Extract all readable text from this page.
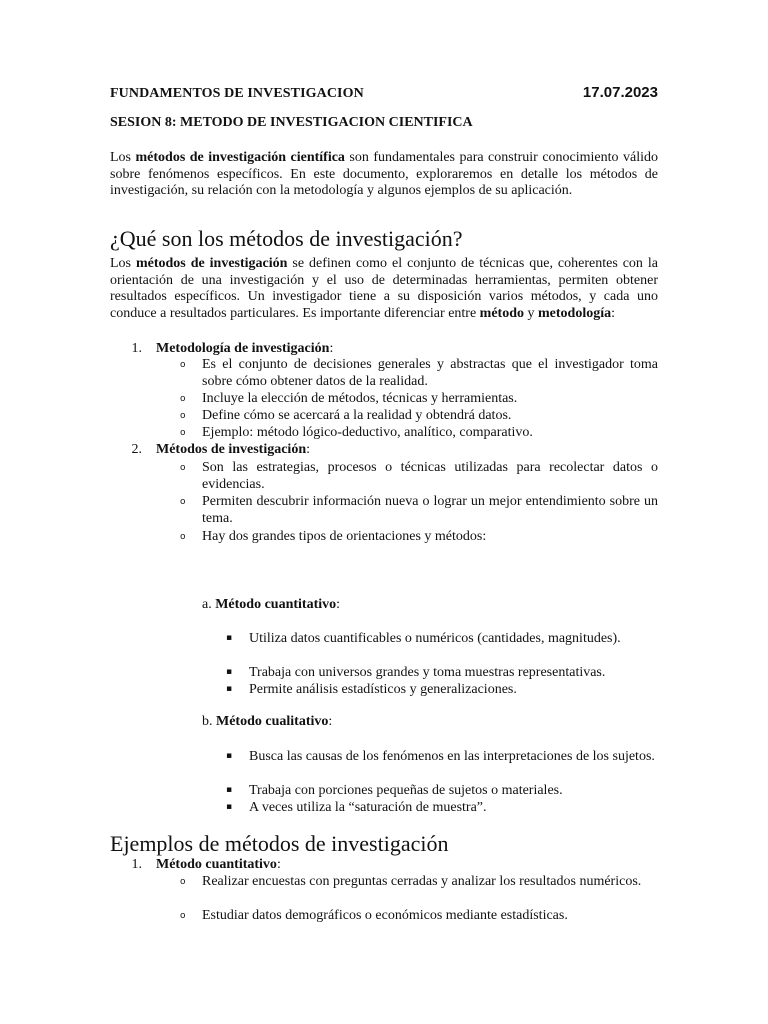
FUNDAMENTOS DE INVESTIGACION	17.07.2023
SESION 8: METODO DE INVESTIGACION CIENTIFICA

Los métodos de investigación científica son fundamentales para construir conocimiento válido sobre fenómenos específicos. En este documento, exploraremos en detalle los métodos de investigación, su relación con la metodología y algunos ejemplos de su aplicación.

¿Qué son los métodos de investigación?

Los métodos de investigación se definen como el conjunto de técnicas que, coherentes con la orientación de una investigación y el uso de determinadas herramientas, permiten obtener resultados específicos. Un investigador tiene a su disposición varios métodos, y cada uno conduce a resultados particulares. Es importante diferenciar entre método y metodología:

1. Metodología de investigación:
o Es el conjunto de decisiones generales y abstractas que el investigador toma sobre cómo obtener datos de la realidad.
o Incluye la elección de métodos, técnicas y herramientas.
o Define cómo se acercará a la realidad y obtendrá datos.
o Ejemplo: método lógico-deductivo, analítico, comparativo.
2. Métodos de investigación:
o Son las estrategias, procesos o técnicas utilizadas para recolectar datos o evidencias.
o Permiten descubrir información nueva o lograr un mejor entendimiento sobre un tema.
o Hay dos grandes tipos de orientaciones y métodos:
a. Método cuantitativo:
▪ Utiliza datos cuantificables o numéricos (cantidades, magnitudes).
▪ Trabaja con universos grandes y toma muestras representativas.
▪ Permite análisis estadísticos y generalizaciones.
b. Método cualitativo:
▪ Busca las causas de los fenómenos en las interpretaciones de los sujetos.
▪ Trabaja con porciones pequeñas de sujetos o materiales.
▪ A veces utiliza la “saturación de muestra”.
Ejemplos de métodos de investigación
1. Método cuantitativo:
o Realizar encuestas con preguntas cerradas y analizar los resultados numéricos.
o Estudiar datos demográficos o económicos mediante estadísticas.
